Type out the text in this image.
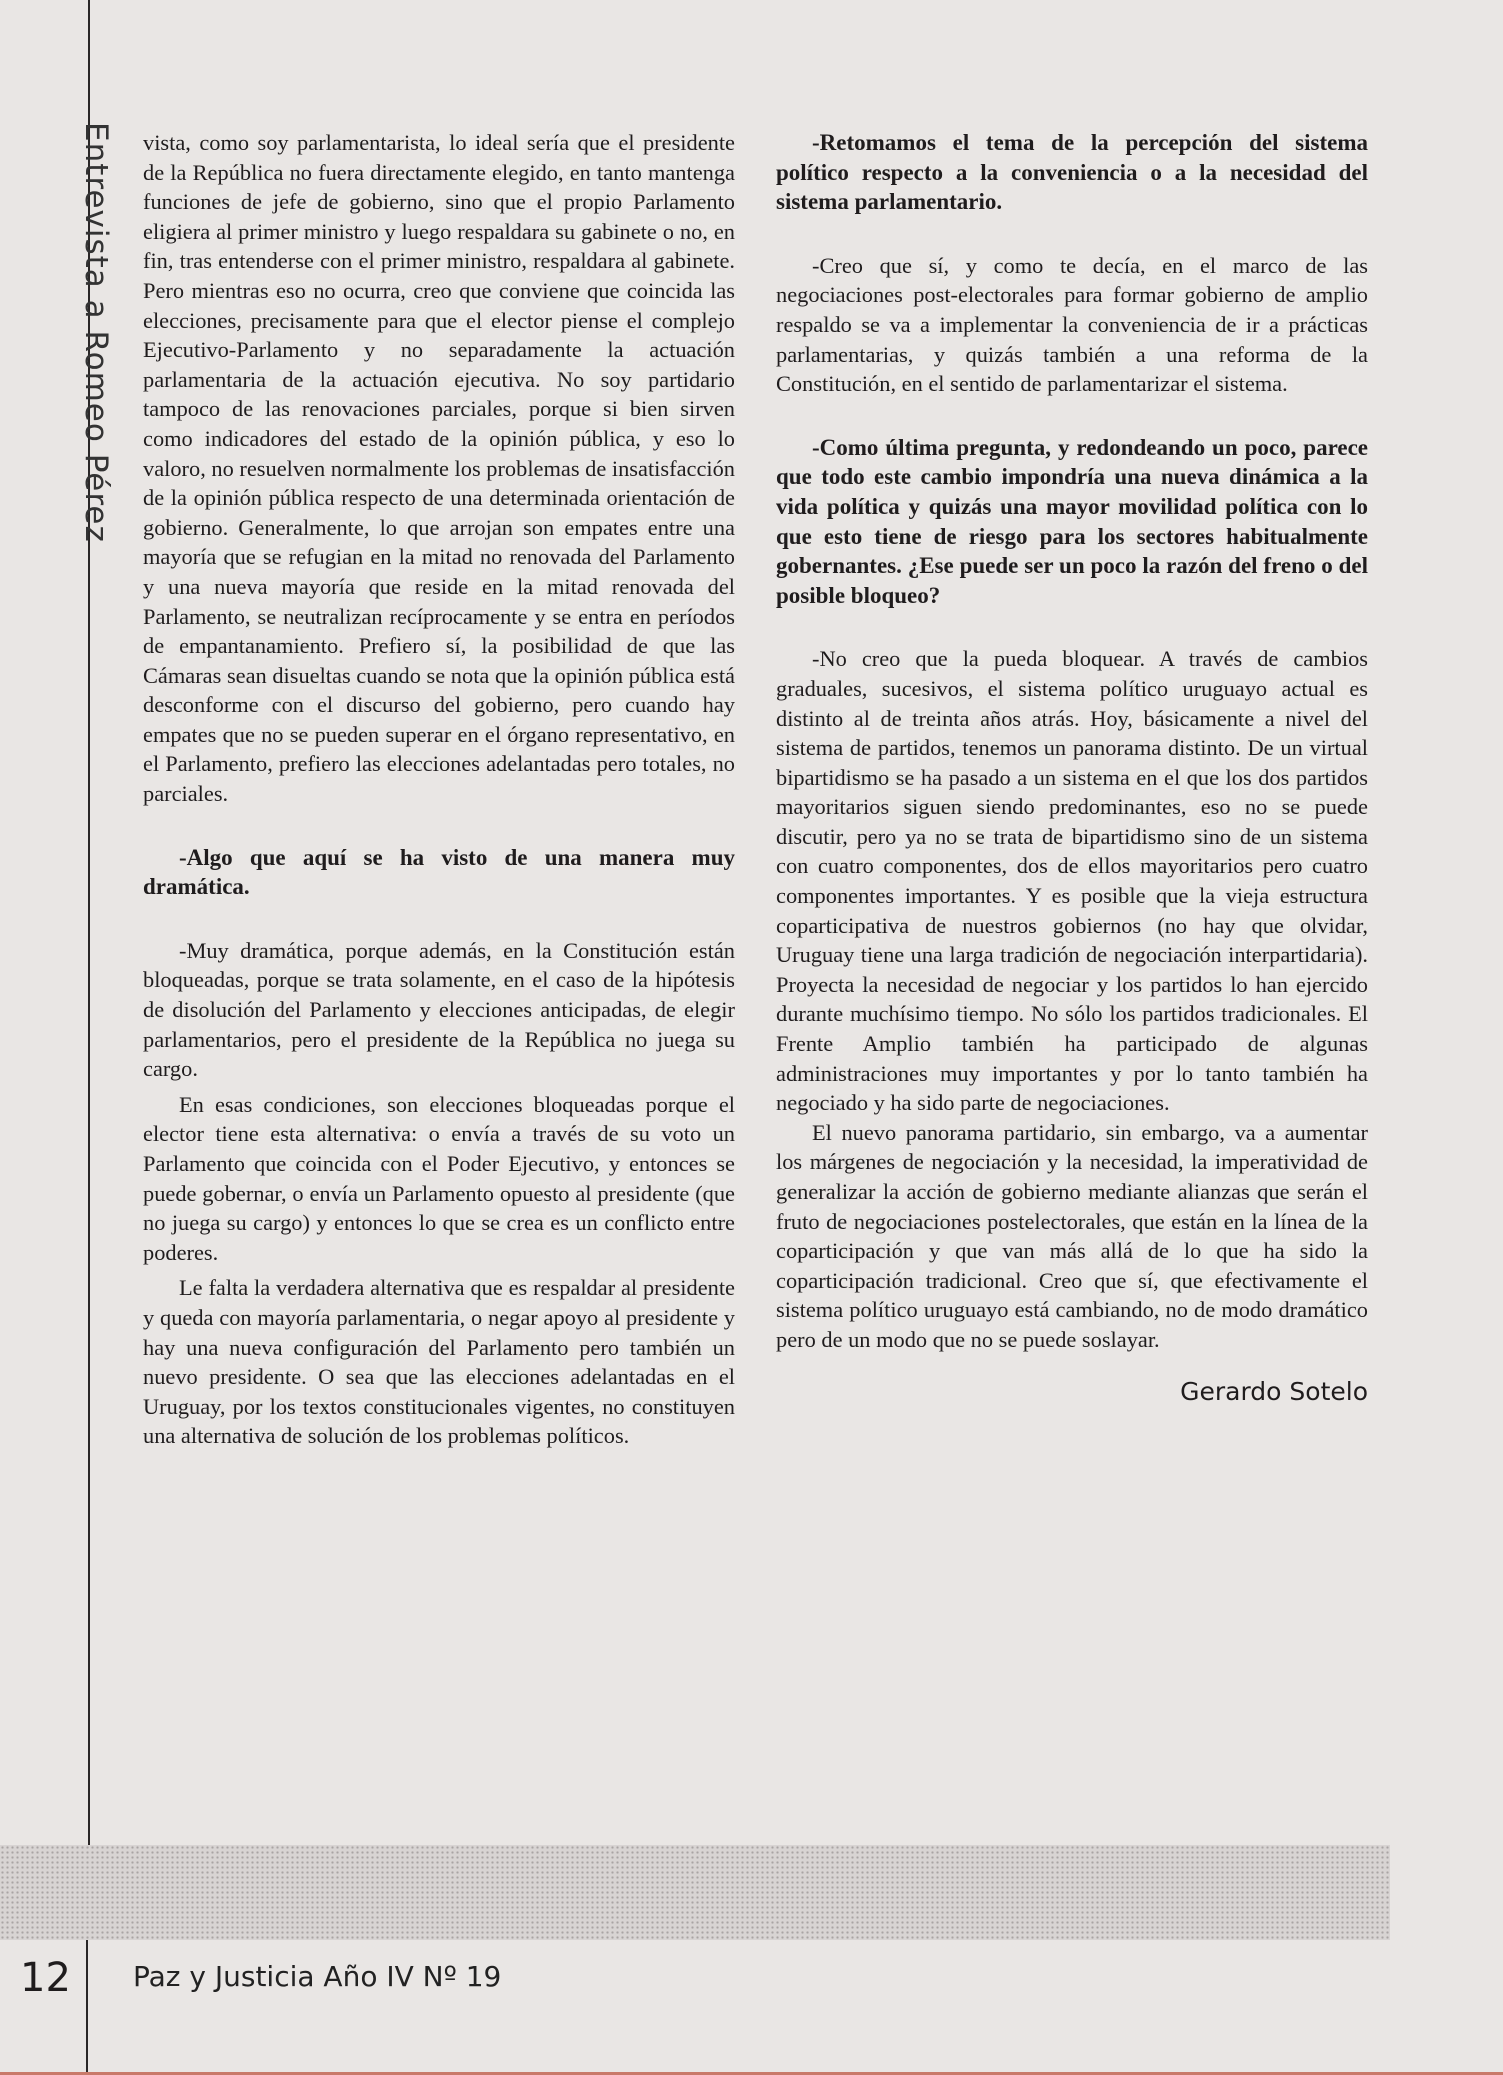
Entrevista a Romeo Pérez vista, como soy parlamentarista, lo ideal sería que el presidente de la República no fuera directamente elegido, en tanto mantenga funciones de jefe de gobierno, sino que el propio Parlamento eligiera al primer ministro y luego respaldara su gabinete o no, en fin, tras entenderse con el primer ministro, respaldara al gabinete. Pero mientras eso no ocurra, creo que conviene que coincida las elecciones, precisamente para que el elector piense el complejo Ejecutivo-Parlamento y no separadamente la actuación parlamentaria de la actuación ejecutiva. No soy partidario tampoco de las renovaciones parciales, porque si bien sirven como indicadores del estado de la opinión pública, y eso lo valoro, no resuelven normalmente los problemas de insatisfacción de la opinión pública respecto de una determinada orientación de gobierno. Generalmente, lo que arrojan son empates entre una mayoría que se refugian en la mitad no renovada del Parlamento y una nueva mayoría que reside en la mitad renovada del Parlamento, se neutralizan recíprocamente y se entra en períodos de empantanamiento. Prefiero sí, la posibilidad de que las Cámaras sean disueltas cuando se nota que la opinión pública está desconforme con el discurso del gobierno, pero cuando hay empates que no se pueden superar en el órgano representativo, en el Parlamento, prefiero las elecciones adelantadas pero totales, no parciales.

-Algo que aquí se ha visto de una manera muy dramática.

-Muy dramática, porque además, en la Constitución están bloqueadas, porque se trata solamente, en el caso de la hipótesis de disolución del Parlamento y elecciones anticipadas, de elegir parlamentarios, pero el presidente de la República no juega su cargo.

En esas condiciones, son elecciones bloqueadas porque el elector tiene esta alternativa: o envía a través de su voto un Parlamento que coincida con el Poder Ejecutivo, y entonces se puede gobernar, o envía un Parlamento opuesto al presidente (que no juega su cargo) y entonces lo que se crea es un conflicto entre poderes.

Le falta la verdadera alternativa que es respaldar al presidente y queda con mayoría parlamentaria, o negar apoyo al presidente y hay una nueva configuración del Parlamento pero también un nuevo presidente. O sea que las elecciones adelantadas en el Uruguay, por los textos constitucionales vigentes, no constituyen una alternativa de solución de los problemas políticos.

-Retomamos el tema de la percepción del sistema político respecto a la conveniencia o a la necesidad del sistema parlamentario.

-Creo que sí, y como te decía, en el marco de las negociaciones post-electorales para formar gobierno de amplio respaldo se va a implementar la conveniencia de ir a prácticas parlamentarias, y quizás también a una reforma de la Constitución, en el sentido de parlamentarizar el sistema.

-Como última pregunta, y redondeando un poco, parece que todo este cambio impondría una nueva dinámica a la vida política y quizás una mayor movilidad política con lo que esto tiene de riesgo para los sectores habitualmente gobernantes. ¿Ese puede ser un poco la razón del freno o del posible bloqueo?

-No creo que la pueda bloquear. A través de cambios graduales, sucesivos, el sistema político uruguayo actual es distinto al de treinta años atrás. Hoy, básicamente a nivel del sistema de partidos, tenemos un panorama distinto. De un virtual bipartidismo se ha pasado a un sistema en el que los dos partidos mayoritarios siguen siendo predominantes, eso no se puede discutir, pero ya no se trata de bipartidismo sino de un sistema con cuatro componentes, dos de ellos mayoritarios pero cuatro componentes importantes. Y es posible que la vieja estructura coparticipativa de nuestros gobiernos (no hay que olvidar, Uruguay tiene una larga tradición de negociación interpartidaria). Proyecta la necesidad de negociar y los partidos lo han ejercido durante muchísimo tiempo. No sólo los partidos tradicionales. El Frente Amplio también ha participado de algunas administraciones muy importantes y por lo tanto también ha negociado y ha sido parte de negociaciones.

El nuevo panorama partidario, sin embargo, va a aumentar los márgenes de negociación y la necesidad, la imperatividad de generalizar la acción de gobierno mediante alianzas que serán el fruto de negociaciones postelectorales, que están en la línea de la coparticipación y que van más allá de lo que ha sido la coparticipación tradicional. Creo que sí, que efectivamente el sistema político uruguayo está cambiando, no de modo dramático pero de un modo que no se puede soslayar.

Gerardo Sotelo

12 Paz y Justicia Año IV Nº 19
